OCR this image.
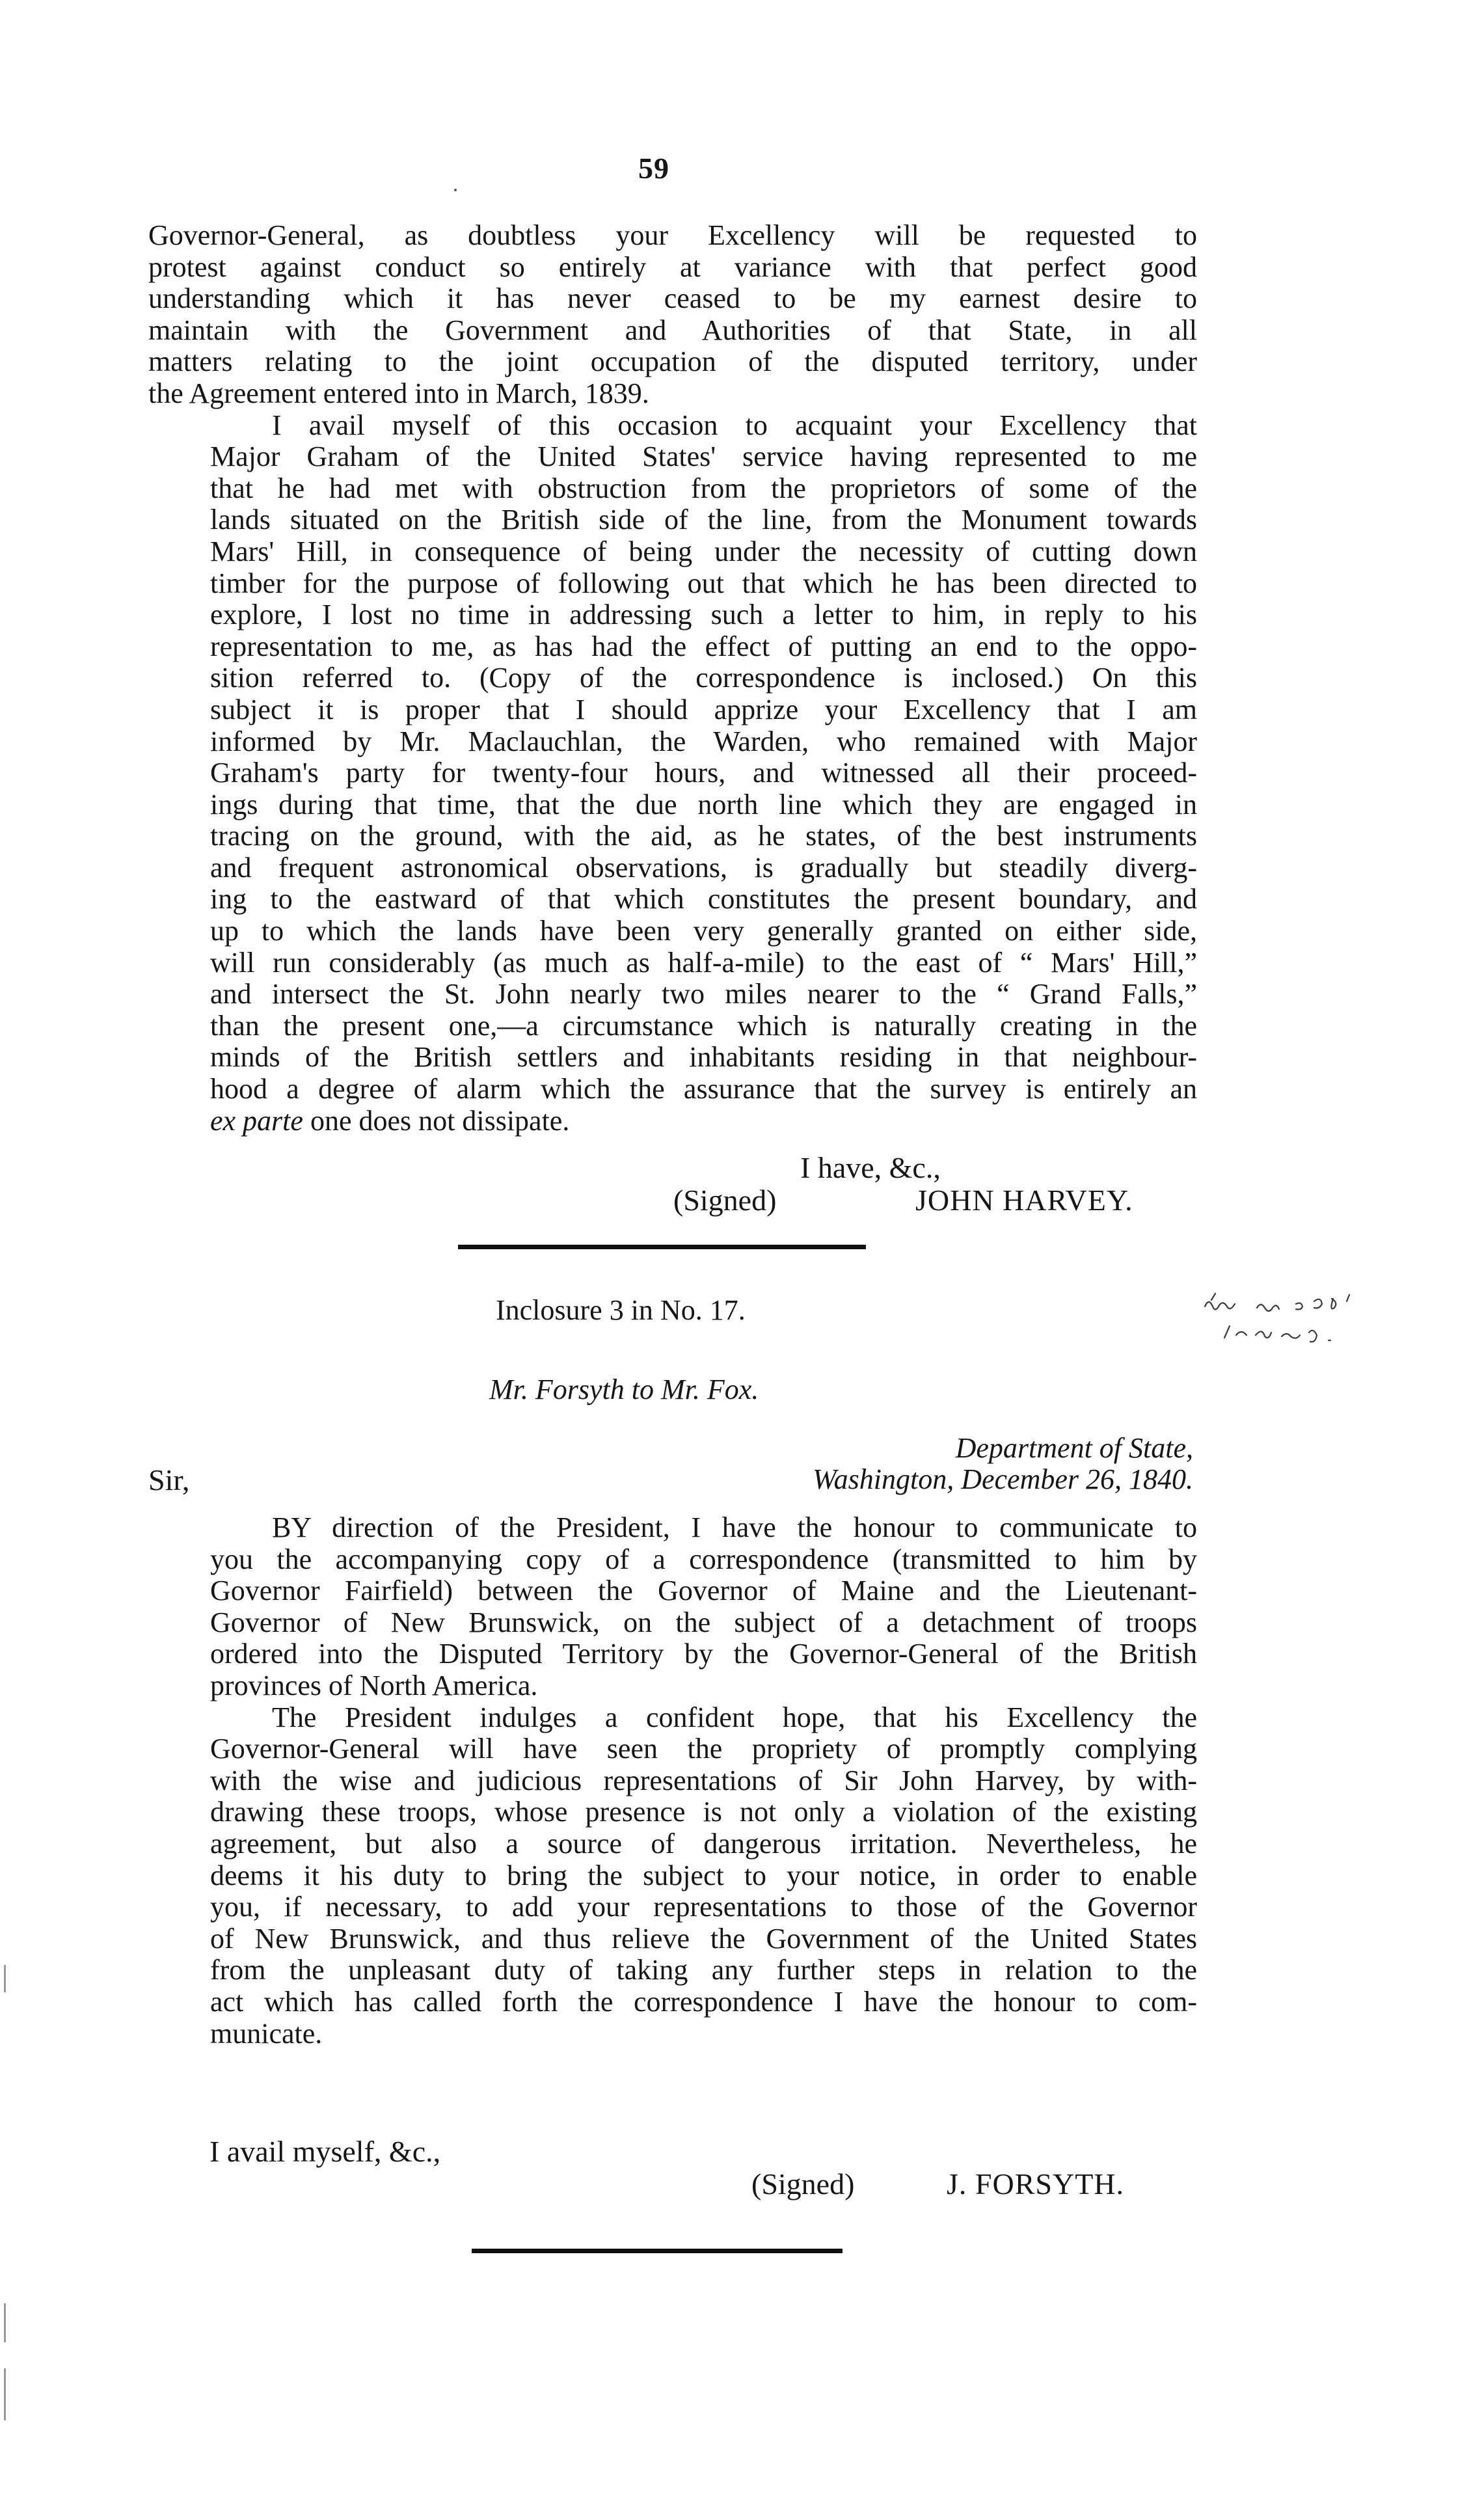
59
Governor-General, as doubtless your Excellency will be requested to
protest against conduct so entirely at variance with that perfect good
understanding which it has never ceased to be my earnest desire to
maintain with the Government and Authorities of that State, in all
matters relating to the joint occupation of the disputed territory, under
the Agreement entered into in March, 1839.
I avail myself of this occasion to acquaint your Excellency that
Major Graham of the United States' service having represented to me
that he had met with obstruction from the proprietors of some of the
lands situated on the British side of the line, from the Monument towards
Mars' Hill, in consequence of being under the necessity of cutting down
timber for the purpose of following out that which he has been directed to
explore, I lost no time in addressing such a letter to him, in reply to his
representation to me, as has had the effect of putting an end to the oppo-
sition referred to. (Copy of the correspondence is inclosed.) On this
subject it is proper that I should apprize your Excellency that I am
informed by Mr. Maclauchlan, the Warden, who remained with Major
Graham's party for twenty-four hours, and witnessed all their proceed-
ings during that time, that the due north line which they are engaged in
tracing on the ground, with the aid, as he states, of the best instruments
and frequent astronomical observations, is gradually but steadily diverg-
ing to the eastward of that which constitutes the present boundary, and
up to which the lands have been very generally granted on either side,
will run considerably (as much as half-a-mile) to the east of “ Mars' Hill,”
and intersect the St. John nearly two miles nearer to the “ Grand Falls,”
than the present one,—a circumstance which is naturally creating in the
minds of the British settlers and inhabitants residing in that neighbour-
hood a degree of alarm which the assurance that the survey is entirely an
ex parte one does not dissipate.
I have, &c.,
(Signed)	JOHN HARVEY.
Inclosure 3 in No. 17.
Mr. Forsyth to Mr. Fox.
Department of State,
Washington, December 26, 1840.
Sir,
BY direction of the President, I have the honour to communicate to
you the accompanying copy of a correspondence (transmitted to him by
Governor Fairfield) between the Governor of Maine and the Lieutenant-
Governor of New Brunswick, on the subject of a detachment of troops
ordered into the Disputed Territory by the Governor-General of the British
provinces of North America.
The President indulges a confident hope, that his Excellency the
Governor-General will have seen the propriety of promptly complying
with the wise and judicious representations of Sir John Harvey, by with-
drawing these troops, whose presence is not only a violation of the existing
agreement, but also a source of dangerous irritation. Nevertheless, he
deems it his duty to bring the subject to your notice, in order to enable
you, if necessary, to add your representations to those of the Governor
of New Brunswick, and thus relieve the Government of the United States
from the unpleasant duty of taking any further steps in relation to the
act which has called forth the correspondence I have the honour to com-
municate.
I avail myself, &c.,
(Signed)	J. FORSYTH.
